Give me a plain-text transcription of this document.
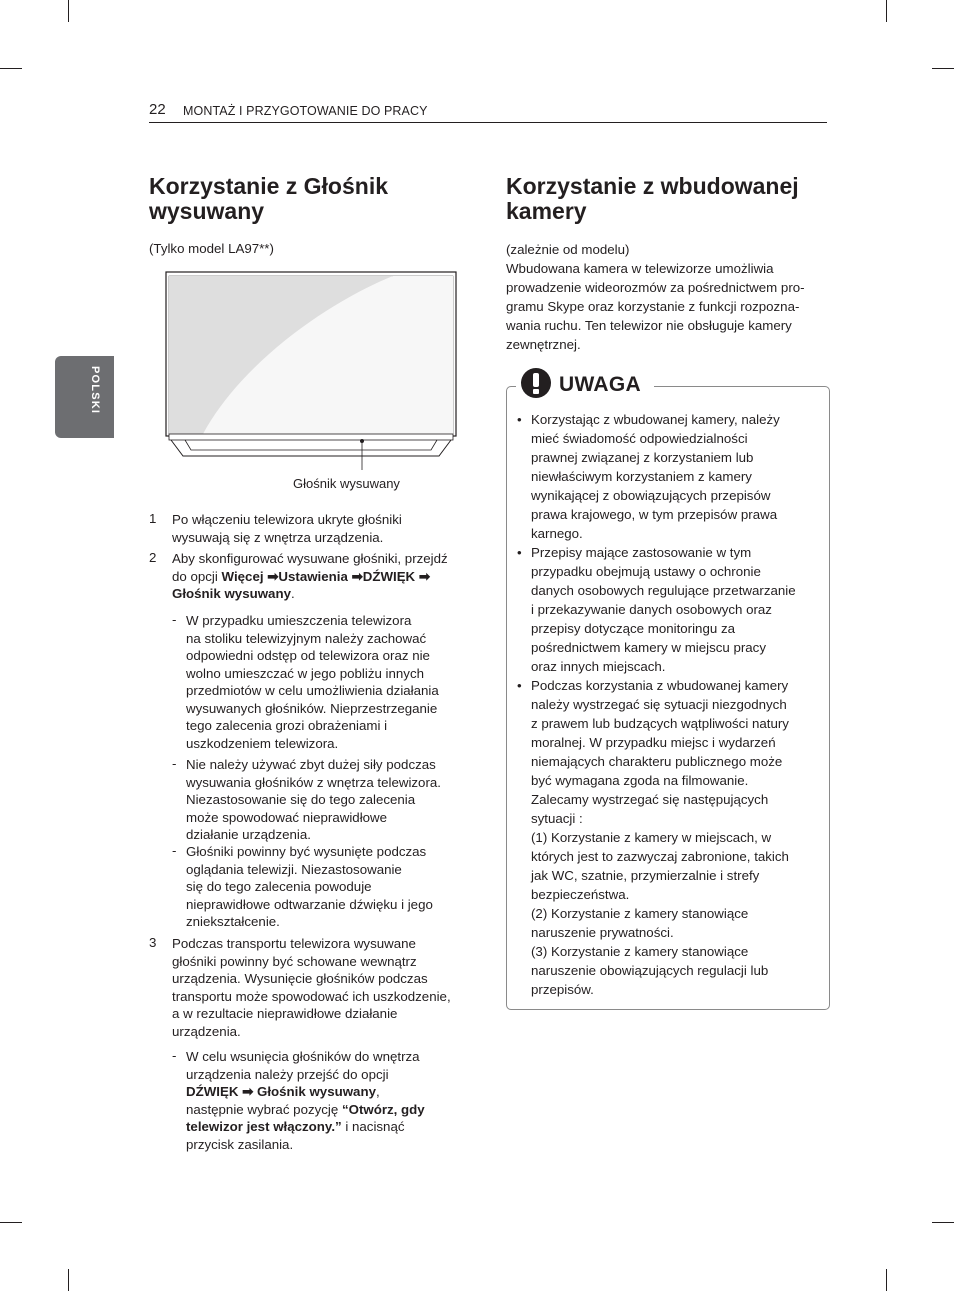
22 MONTAŻ I PRZYGOTOWANIE DO PRACY
POLSKI
Korzystanie z Głośnik
wysuwany
(Tylko model LA97**)
Głośnik wysuwany
1 Po włączeniu telewizora ukryte głośniki
wysuwają się z wnętrza urządzenia.
2 Aby skonfigurować wysuwane głośniki, przejdź
do opcji Więcej ➡Ustawienia ➡DŹWIĘK ➡
Głośnik wysuwany.
- W przypadku umieszczenia telewizora
na stoliku telewizyjnym należy zachować
odpowiedni odstęp od telewizora oraz nie
wolno umieszczać w jego pobliżu innych
przedmiotów w celu umożliwienia działania
wysuwanych głośników. Nieprzestrzeganie
tego zalecenia grozi obrażeniami i
uszkodzeniem telewizora.
- Nie należy używać zbyt dużej siły podczas
wysuwania głośników z wnętrza telewizora.
Niezastosowanie się do tego zalecenia
może spowodować nieprawidłowe
działanie urządzenia.
- Głośniki powinny być wysunięte podczas
oglądania telewizji. Niezastosowanie
się do tego zalecenia powoduje
nieprawidłowe odtwarzanie dźwięku i jego
zniekształcenie.
3 Podczas transportu telewizora wysuwane
głośniki powinny być schowane wewnątrz
urządzenia. Wysunięcie głośników podczas
transportu może spowodować ich uszkodzenie,
a w rezultacie nieprawidłowe działanie
urządzenia.
- W celu wsunięcia głośników do wnętrza
urządzenia należy przejść do opcji
DŹWIĘK ➡ Głośnik wysuwany,
następnie wybrać pozycję “Otwórz, gdy
telewizor jest włączony.” i nacisnąć
przycisk zasilania.
Korzystanie z wbudowanej
kamery
(zależnie od modelu)
Wbudowana kamera w telewizorze umożliwia
prowadzenie wideorozmów za pośrednictwem pro-
gramu Skype oraz korzystanie z funkcji rozpozna-
wania ruchu. Ten telewizor nie obsługuje kamery
zewnętrznej.
UWAGA
• Korzystając z wbudowanej kamery, należy
mieć świadomość odpowiedzialności
prawnej związanej z korzystaniem lub
niewłaściwym korzystaniem z kamery
wynikającej z obowiązujących przepisów
prawa krajowego, w tym przepisów prawa
karnego.
• Przepisy mające zastosowanie w tym
przypadku obejmują ustawy o ochronie
danych osobowych regulujące przetwarzanie
i przekazywanie danych osobowych oraz
przepisy dotyczące monitoringu za
pośrednictwem kamery w miejscu pracy
oraz innych miejscach.
• Podczas korzystania z wbudowanej kamery
należy wystrzegać się sytuacji niezgodnych
z prawem lub budzących wątpliwości natury
moralnej. W przypadku miejsc i wydarzeń
niemających charakteru publicznego może
być wymagana zgoda na filmowanie.
Zalecamy wystrzegać się następujących
sytuacji :
(1) Korzystanie z kamery w miejscach, w
których jest to zazwyczaj zabronione, takich
jak WC, szatnie, przymierzalnie i strefy
bezpieczeństwa.
(2) Korzystanie z kamery stanowiące
naruszenie prywatności.
(3) Korzystanie z kamery stanowiące
naruszenie obowiązujących regulacji lub
przepisów.
